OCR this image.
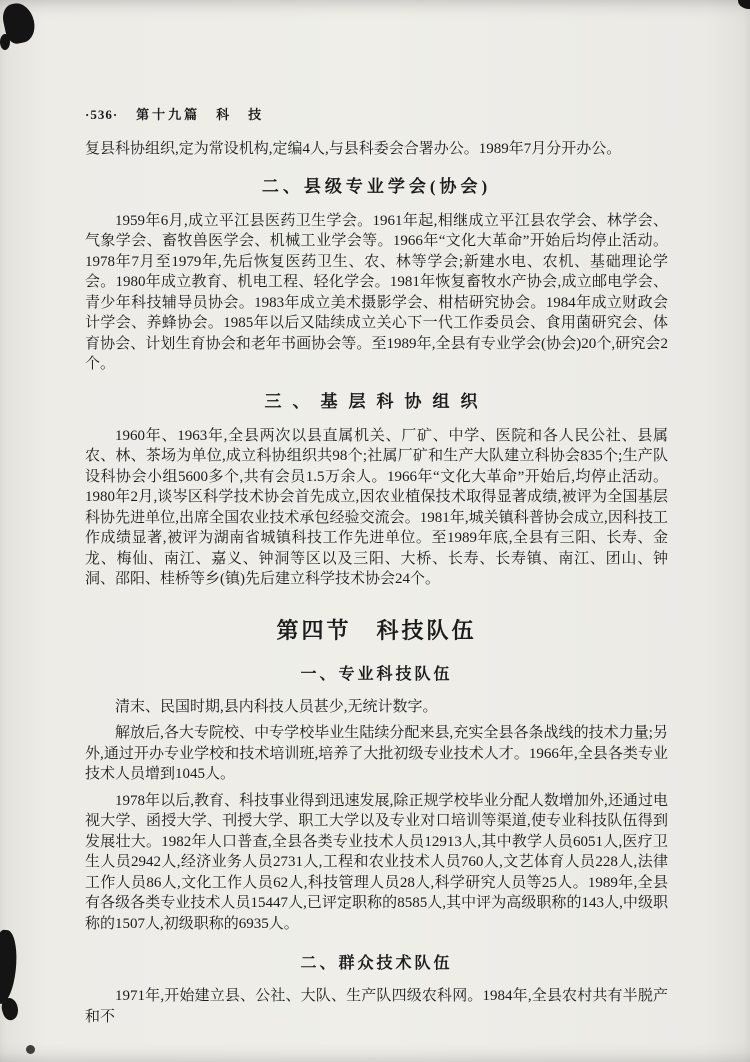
·536· 第十九篇　科　技

复县科协组织,定为常设机构,定编4人,与县科委会合署办公。1989年7月分开办公。

二、县级专业学会(协会)

1959年6月,成立平江县医药卫生学会。1961年起,相继成立平江县农学会、林学会、气象学会、畜牧兽医学会、机械工业学会等。1966年“文化大革命”开始后均停止活动。1978年7月至1979年,先后恢复医药卫生、农、林等学会;新建水电、农机、基础理论学会。1980年成立教育、机电工程、轻化学会。1981年恢复畜牧水产协会,成立邮电学会、青少年科技辅导员协会。1983年成立美术摄影学会、柑桔研究协会。1984年成立财政会计学会、养蜂协会。1985年以后又陆续成立关心下一代工作委员会、食用菌研究会、体育协会、计划生育协会和老年书画协会等。至1989年,全县有专业学会(协会)20个,研究会2个。

三、基层科协组织

1960年、1963年,全县两次以县直属机关、厂矿、中学、医院和各人民公社、县属农、林、茶场为单位,成立科协组织共98个;社属厂矿和生产大队建立科协会835个;生产队设科协会小组5600多个,共有会员1.5万余人。1966年“文化大革命”开始后,均停止活动。1980年2月,谈岑区科学技术协会首先成立,因农业植保技术取得显著成绩,被评为全国基层科协先进单位,出席全国农业技术承包经验交流会。1981年,城关镇科普协会成立,因科技工作成绩显著,被评为湖南省城镇科技工作先进单位。至1989年底,全县有三阳、长寿、金龙、梅仙、南江、嘉义、钟洞等区以及三阳、大桥、长寿、长寿镇、南江、团山、钟洞、邵阳、桂桥等乡(镇)先后建立科学技术协会24个。

第四节　科技队伍
一、专业科技队伍

清末、民国时期,县内科技人员甚少,无统计数字。

解放后,各大专院校、中专学校毕业生陆续分配来县,充实全县各条战线的技术力量;另外,通过开办专业学校和技术培训班,培养了大批初级专业技术人才。1966年,全县各类专业技术人员增到1045人。

1978年以后,教育、科技事业得到迅速发展,除正规学校毕业分配人数增加外,还通过电视大学、函授大学、刊授大学、职工大学以及专业对口培训等渠道,使专业科技队伍得到发展壮大。1982年人口普查,全县各类专业技术人员12913人,其中教学人员6051人,医疗卫生人员2942人,经济业务人员2731人,工程和农业技术人员760人,文艺体育人员228人,法律工作人员86人,文化工作人员62人,科技管理人员28人,科学研究人员等25人。1989年,全县有各级各类专业技术人员15447人,已评定职称的8585人,其中评为高级职称的143人,中级职称的1507人,初级职称的6935人。

二、群众技术队伍

1971年,开始建立县、公社、大队、生产队四级农科网。1984年,全县农村共有半脱产和不
